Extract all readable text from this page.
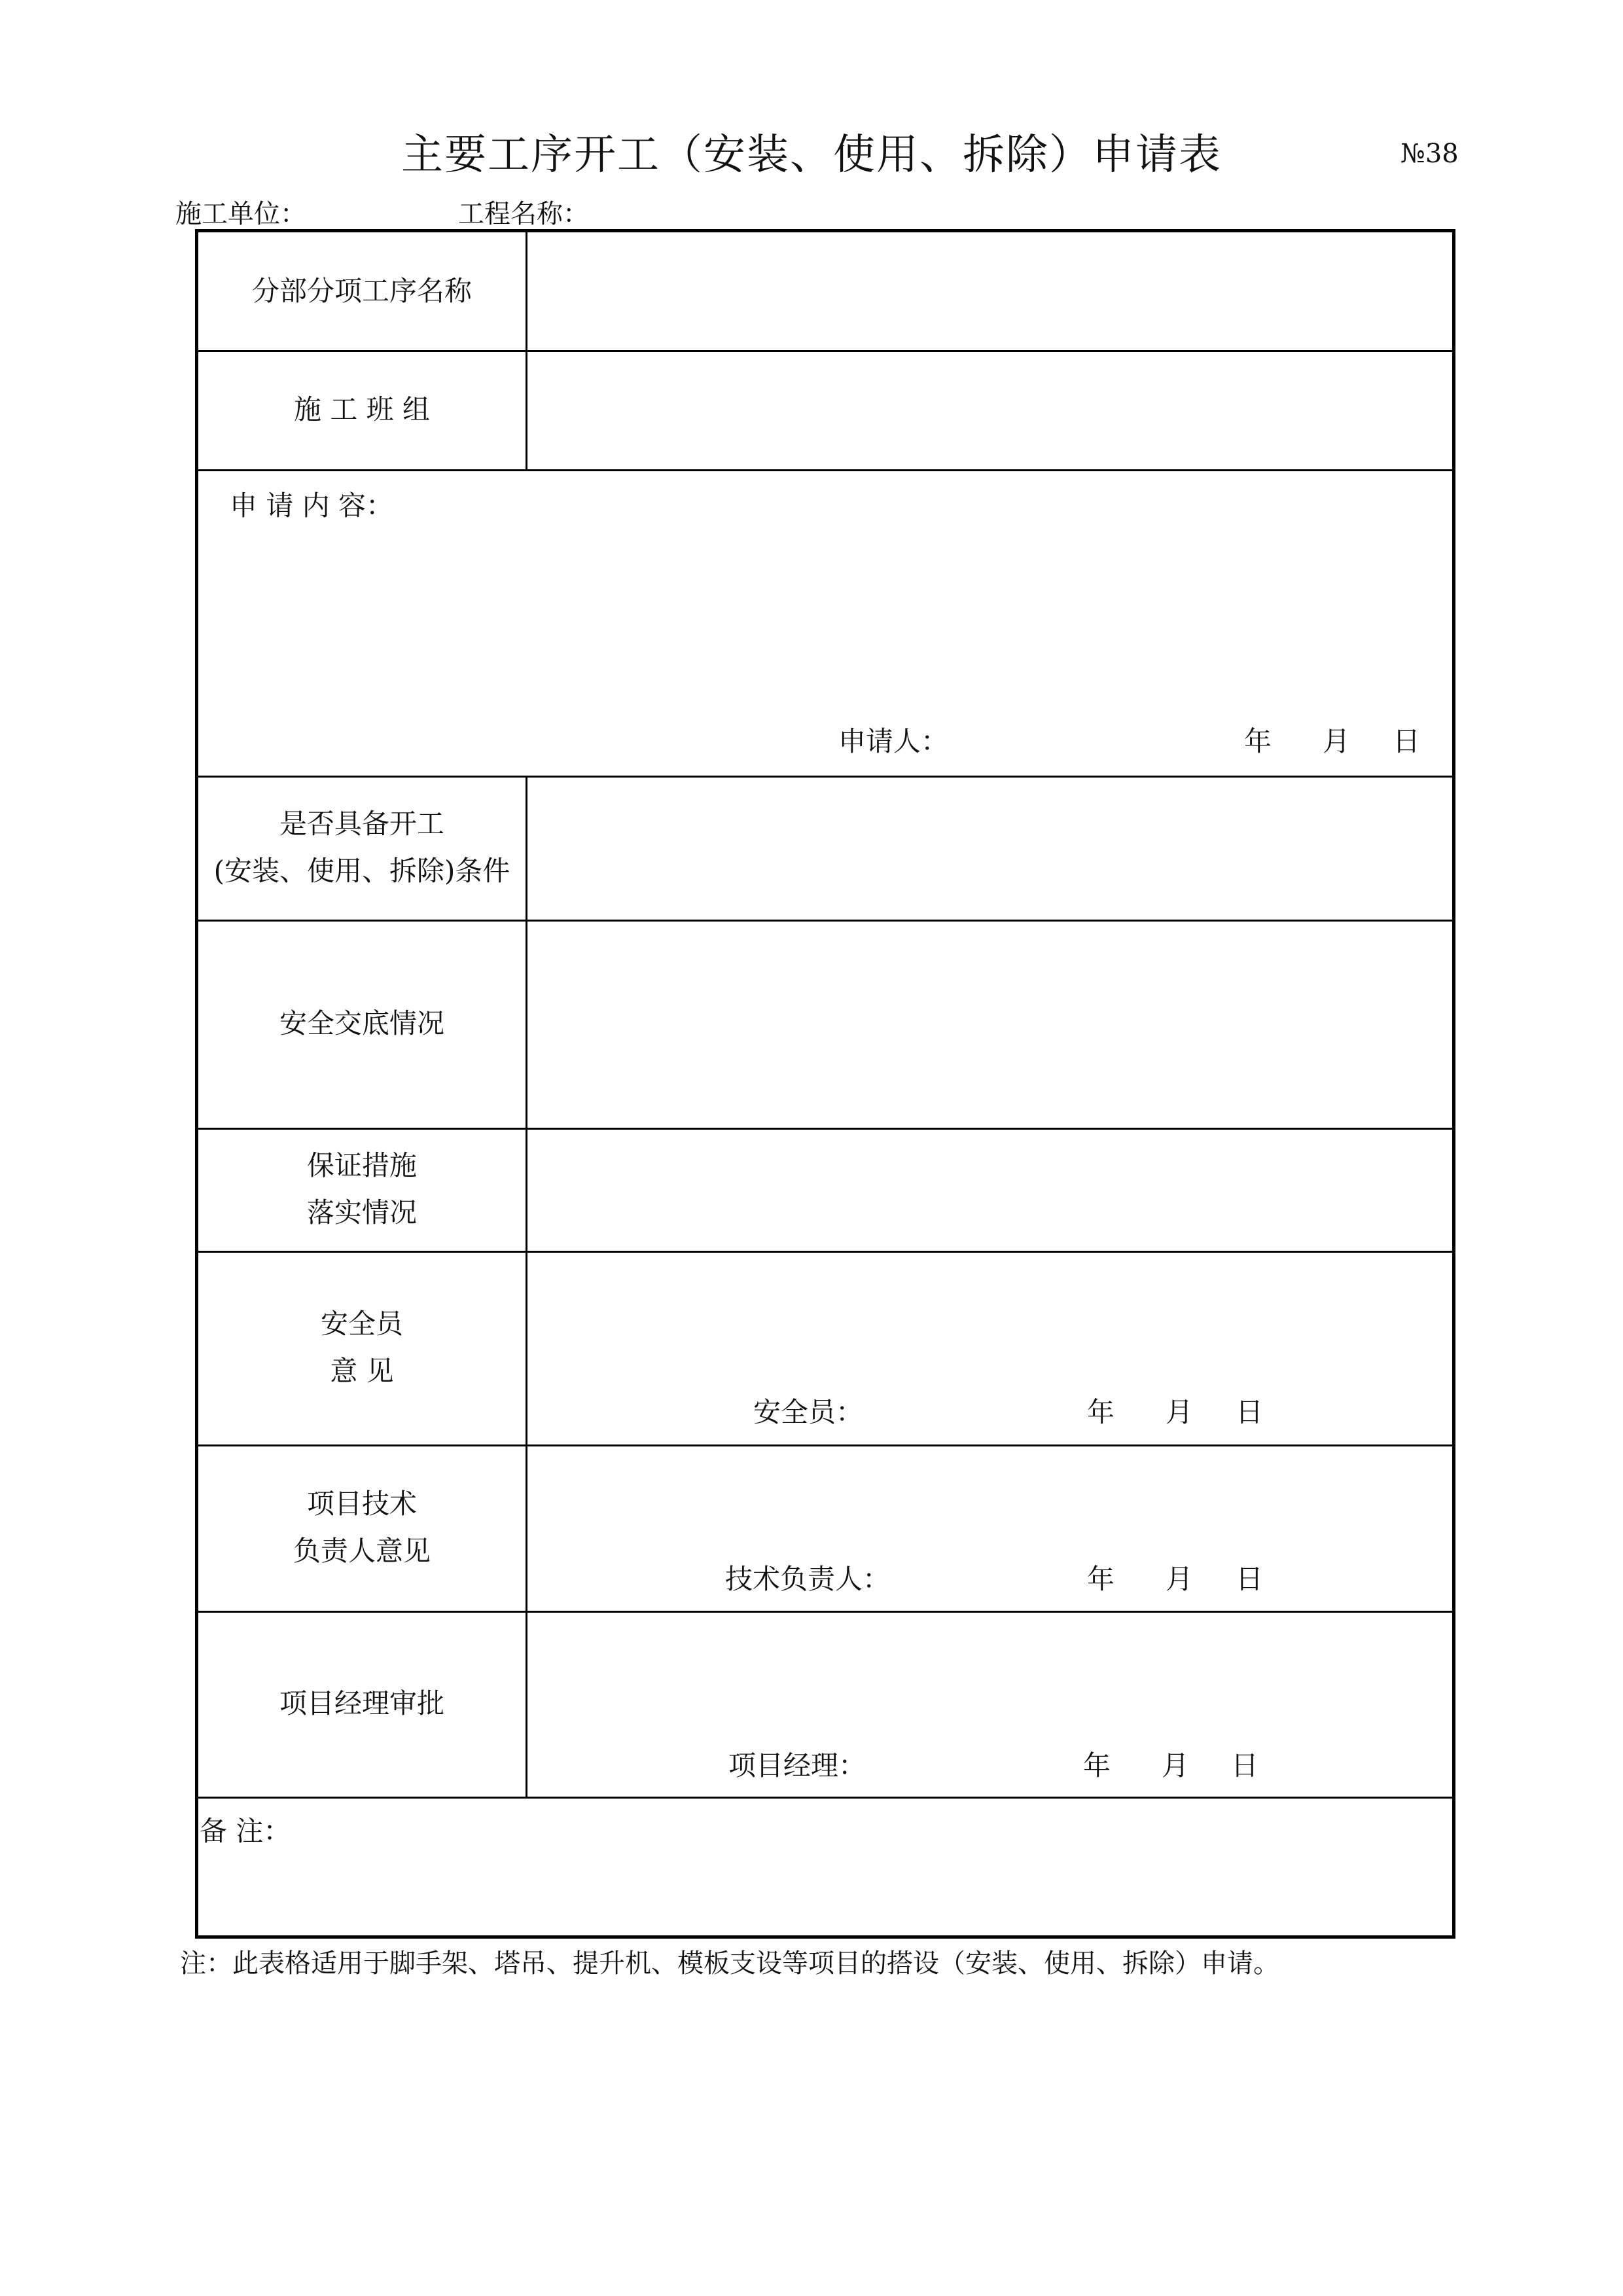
主要工序开工（安装、使用、拆除）申请表	№38
施工单位：	工程名称：
分部分项工序名称
施 工 班 组
申 请 内 容：
申请人：	年 月 日
是否具备开工
(安装、使用、拆除)条件
安全交底情况
保证措施
落实情况
安全员
意 见
安全员：	年 月 日
项目技术
负责人意见
技术负责人：	年 月 日
项目经理审批
项目经理：	年 月 日
备 注：
注：此表格适用于脚手架、塔吊、提升机、模板支设等项目的搭设（安装、使用、拆除）申请。
